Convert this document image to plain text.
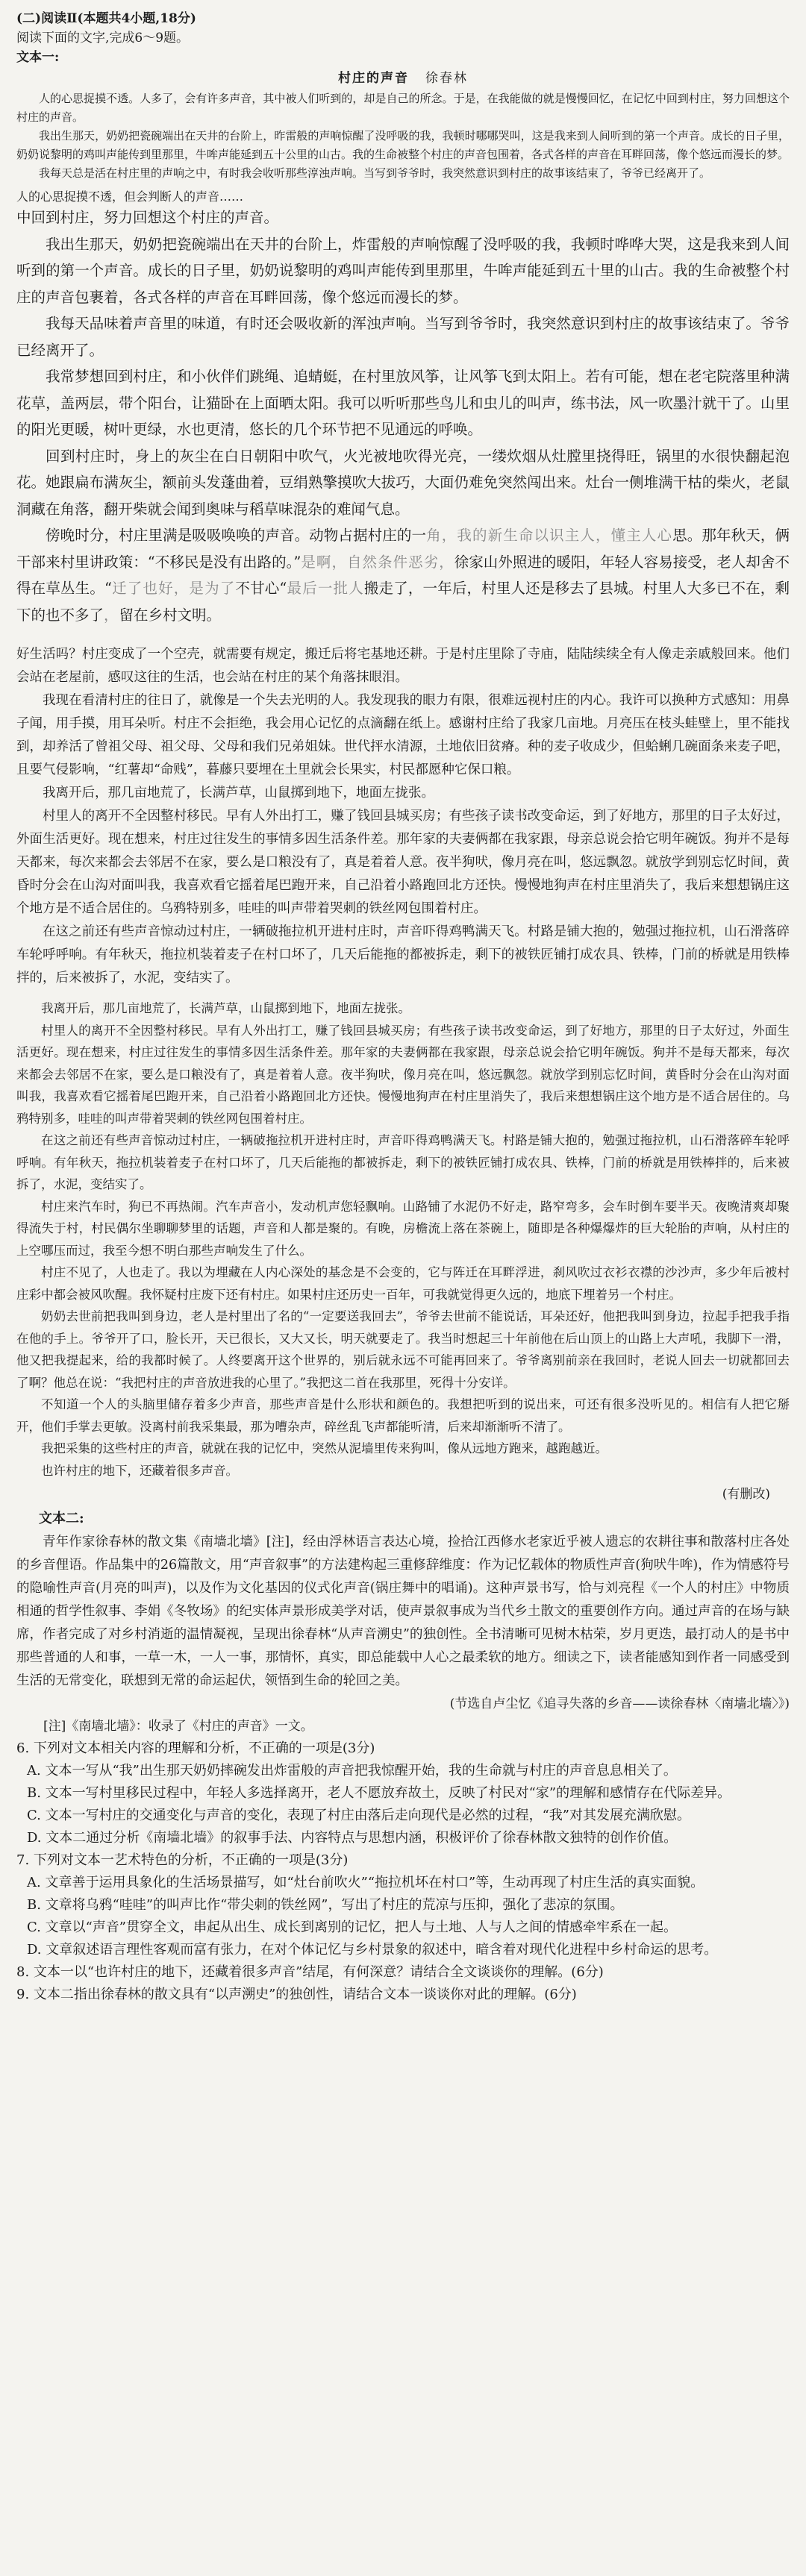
(二)阅读Ⅱ(本题共4小题,18分)
阅读下面的文字,完成6～9题。
文本一:
村庄的声音 徐春林

人的心思捉摸不透。人多了，会有许多声音，其中被人们听到的，却是自己的所念。于是，在我能做的就是慢慢回忆，在记忆中回到村庄，努力回想这个村庄的声音。

我出生那天，奶奶把瓷碗端出在天井的台阶上，昨雷般的声响惊醒了没呼吸的我，我顿时哪哪哭叫，这是我来到人间听到的第一个声音。成长的日子里，奶奶说黎明的鸡叫声能传到里那里，牛哞声能延到五十公里的山古。我的生命被整个村庄的声音包围着，各式各样的声音在耳畔回荡，像个悠远而漫长的梦。

我每天总是活在村庄里的声响之中，有时我会收听那些淳浊声响。当写到爷爷时，我突然意识到村庄的故事该结束了，爷爷已经离开了。

人的心思捉摸不透，但会判断人的声音……

中回到村庄，努力回想这个村庄的声音。

我出生那天，奶奶把瓷碗端出在天井的台阶上，炸雷般的声响惊醒了没呼吸的我，我顿时哗哗大哭，这是我来到人间听到的第一个声音。成长的日子里，奶奶说黎明的鸡叫声能传到里那里，牛哞声能延到五十里的山古。我的生命被整个村庄的声音包裹着，各式各样的声音在耳畔回荡，像个悠远而漫长的梦。

我每天品味着声音里的味道，有时还会吸收新的浑浊声响。当写到爷爷时，我突然意识到村庄的故事该结束了。爷爷已经离开了。

我常梦想回到村庄，和小伙伴们跳绳、追蜻蜓，在村里放风筝，让风筝飞到太阳上。若有可能，想在老宅院落里种满花草，盖两层，带个阳台，让猫卧在上面晒太阳。我可以听听那些鸟儿和虫儿的叫声，练书法，风一吹墨汁就干了。山里的阳光更暖，树叶更绿，水也更清，悠长的几个环节把不见通远的呼唤。

回到村庄时，身上的灰尘在白日朝阳中吹气，火光被地吹得光亮，一缕炊烟从灶膛里挠得旺，锅里的水很快翻起泡花。她跟扁布满灰尘，额前头发蓬曲着，豆绢熟擎摸吹大拔巧，大面仍难免突然闯出来。灶台一侧堆满干枯的柴火，老鼠洞藏在角落，翻开柴就会闻到奥味与稻草味混杂的难闻气息。

傍晚时分，村庄里满是吸吸唤唤的声音。动物占据村庄的一角，我的新生命以识主人，懂主人心思。那年秋天，俩干部来村里讲政策：“不移民是没有出路的。”是啊，自然条件恶劣，徐家山外照进的暖阳，年轻人容易接受，老人却舍不得在草丛生。“迁了也好，是为了不甘心“最后一批人搬走了，一年后，村里人还是移去了县城。村里人大多已不在，剩下的也不多了，留在乡村文明。

好生活吗？村庄变成了一个空壳，就需要有规定，搬迁后将宅基地还耕。于是村庄里除了寺庙，陆陆续续全有人像走亲戚般回来。他们会站在老屋前，感叹这往的生活，也会站在村庄的某个角落抹眼泪。

我现在看清村庄的往日了，就像是一个失去光明的人。我发现我的眼力有限，很难远视村庄的内心。我许可以换种方式感知：用鼻子闻，用手摸，用耳朵听。村庄不会拒绝，我会用心记忆的点滴翻在纸上。感谢村庄给了我家几亩地。月亮压在枝头蛙壁上，里不能找到，却养活了曾祖父母、祖父母、父母和我们兄弟姐妹。世代抨水清源，土地依旧贫瘠。种的麦子收成少，但蛤蜊几碗面条来麦子吧，且要气侵影响，“红薯却“命贱”，暮藤只要埋在土里就会长果实，村民都愿种它保口粮。

我离开后，那几亩地荒了，长满芦草，山鼠掷到地下，地面左拢张。

村里人的离开不全因整村移民。早有人外出打工，赚了钱回县城买房；有些孩子读书改变命运，到了好地方，那里的日子太好过，外面生活更好。现在想来，村庄过往发生的事情多因生活条件差。那年家的夫妻俩都在我家跟，母亲总说会拾它明年碗饭。狗并不是每天都来，每次来都会去邻居不在家，要么是口粮没有了，真是着着人意。夜半狗吠，像月亮在叫，悠远飘忽。就放学到别忘忆时间，黄昏时分会在山沟对面叫我，我喜欢看它摇着尾巴跑开来，自己沿着小路跑回北方还快。慢慢地狗声在村庄里消失了，我后来想想锅庄这个地方是不适合居住的。乌鸦特别多，哇哇的叫声带着哭刺的铁丝网包围着村庄。

在这之前还有些声音惊动过村庄，一辆破拖拉机开进村庄时，声音吓得鸡鸭满天飞。村路是铺大抱的，勉强过拖拉机，山石滑落碎车轮呼呼响。有年秋天，拖拉机装着麦子在村口坏了，几天后能拖的都被拆走，剩下的被铁匠铺打成农具、铁棒，门前的桥就是用铁棒拌的，后来被拆了，水泥，变结实了。

我离开后，那几亩地荒了，长满芦草，山鼠掷到地下，地面左拢张。

村里人的离开不全因整村移民。早有人外出打工，赚了钱回县城买房；有些孩子读书改变命运，到了好地方，那里的日子太好过，外面生活更好。现在想来，村庄过往发生的事情多因生活条件差。那年家的夫妻俩都在我家跟，母亲总说会拾它明年碗饭。狗并不是每天都来，每次来都会去邻居不在家，要么是口粮没有了，真是着着人意。夜半狗吠，像月亮在叫，悠远飘忽。就放学到别忘忆时间，黄昏时分会在山沟对面叫我，我喜欢看它摇着尾巴跑开来，自己沿着小路跑回北方还快。慢慢地狗声在村庄里消失了，我后来想想锅庄这个地方是不适合居住的。乌鸦特别多，哇哇的叫声带着哭刺的铁丝网包围着村庄。

在这之前还有些声音惊动过村庄，一辆破拖拉机开进村庄时，声音吓得鸡鸭满天飞。村路是铺大抱的，勉强过拖拉机，山石滑落碎车轮呼呼响。有年秋天，拖拉机装着麦子在村口坏了，几天后能拖的都被拆走，剩下的被铁匠铺打成农具、铁棒，门前的桥就是用铁棒拌的，后来被拆了，水泥，变结实了。

村庄来汽车时，狗已不再热闹。汽车声音小，发动机声您轻飘响。山路铺了水泥仍不好走，路窄弯多，会车时倒车要半天。夜晚清爽却聚得流失于村，村民偶尔坐聊聊梦里的话题，声音和人都是聚的。有晚，房檐流上落在茶碗上，随即是各种爆爆炸的巨大轮胎的声响，从村庄的上空哪压而过，我至今想不明白那些声响发生了什么。

村庄不见了，人也走了。我以为埋藏在人内心深处的基念是不会变的，它与阵迁在耳畔浮进，刹风吹过衣衫衣襟的沙沙声，多少年后被村庄彩中都会被风吹醒。我怀疑村庄废下还有村庄。如果村庄还历史一百年，可我就觉得更久远的，地底下埋着另一个村庄。

奶奶去世前把我叫到身边，老人是村里出了名的“一定要送我回去”，爷爷去世前不能说话，耳朵还好，他把我叫到身边，拉起手把我手指在他的手上。爷爷开了口，脸长开，天已很长，又大又长，明天就要走了。我当时想起三十年前他在后山顶上的山路上大声吼，我脚下一滑，他又把我提起来，给的我都时候了。人终要离开这个世界的，别后就永远不可能再回来了。爷爷离别前亲在我回时，老说人回去一切就都回去了啊？他总在说：“我把村庄的声音放进我的心里了。”我把这二首在我那里，死得十分安详。

不知道一个人的头脑里储存着多少声音，那些声音是什么形状和颜色的。我想把听到的说出来，可还有很多没听见的。相信有人把它掰开，他们手掌去更敏。没离村前我采集最，那为嘈杂声，碎丝乱飞声都能听清，后来却渐渐听不清了。

我把采集的这些村庄的声音，就就在我的记忆中，突然从泥墙里传来狗叫，像从远地方跑来，越跑越近。

也许村庄的地下，还藏着很多声音。

(有删改)
文本二:

青年作家徐春林的散文集《南墙北墙》[注]，经由浮林语言表达心境，捡拾江西修水老家近乎被人遗忘的农耕往事和散落村庄各处的乡音俚语。作品集中的26篇散文，用“声音叙事”的方法建构起三重修辞维度：作为记忆载体的物质性声音(狗吠牛哞)，作为情感符号的隐喻性声音(月亮的叫声)，以及作为文化基因的仪式化声音(锅庄舞中的唱诵)。这种声景书写，恰与刘亮程《一个人的村庄》中物质相通的哲学性叙事、李娟《冬牧场》的纪实体声景形成美学对话，使声景叙事成为当代乡土散文的重要创作方向。通过声音的在场与缺席，作者完成了对乡村消逝的温情凝视，呈现出徐春林“从声音溯史”的独创性。全书清晰可见树木枯荣，岁月更迭，最打动人的是书中那些普通的人和事，一草一木，一人一事，那情怀，真实，即总能载中人心之最柔软的地方。细读之下，读者能感知到作者一同感受到生活的无常变化，联想到无常的命运起伏，领悟到生命的轮回之美。

(节选自卢尘忆《追寻失落的乡音——读徐春林〈南墙北墙〉》)
[注]《南墙北墙》：收录了《村庄的声音》一文。
6. 下列对文本相关内容的理解和分析，不正确的一项是(3分)
A. 文本一写从“我”出生那天奶奶摔碗发出炸雷般的声音把我惊醒开始，我的生命就与村庄的声音息息相关了。
B. 文本一写村里移民过程中，年轻人多选择离开，老人不愿放弃故土，反映了村民对“家”的理解和感情存在代际差异。
C. 文本一写村庄的交通变化与声音的变化，表现了村庄由落后走向现代是必然的过程，“我”对其发展充满欣慰。
D. 文本二通过分析《南墙北墙》的叙事手法、内容特点与思想内涵，积极评价了徐春林散文独特的创作价值。
7. 下列对文本一艺术特色的分析，不正确的一项是(3分)
A. 文章善于运用具象化的生活场景描写，如“灶台前吹火”“拖拉机坏在村口”等，生动再现了村庄生活的真实面貌。
B. 文章将乌鸦“哇哇”的叫声比作“带尖刺的铁丝网”，写出了村庄的荒凉与压抑，强化了悲凉的氛围。
C. 文章以“声音”贯穿全文，串起从出生、成长到离别的记忆，把人与土地、人与人之间的情感牵牢系在一起。
D. 文章叙述语言理性客观而富有张力，在对个体记忆与乡村景象的叙述中，暗含着对现代化进程中乡村命运的思考。
8. 文本一以“也许村庄的地下，还藏着很多声音”结尾，有何深意？请结合全文谈谈你的理解。(6分)
9. 文本二指出徐春林的散文具有“以声溯史”的独创性，请结合文本一谈谈你对此的理解。(6分)
